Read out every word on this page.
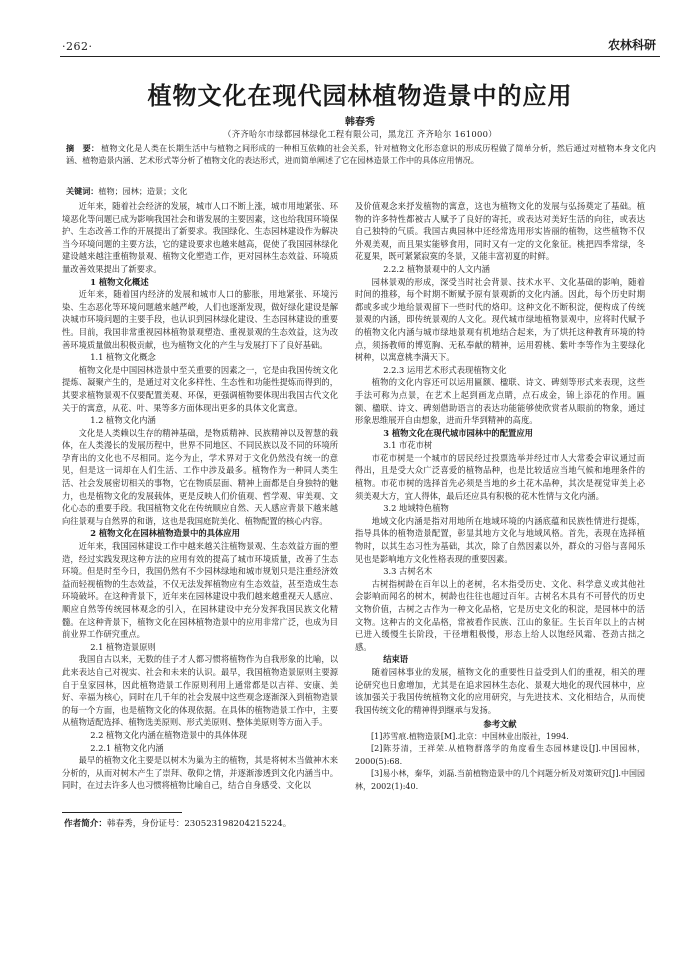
·262·	农林科研
植物文化在现代园林植物造景中的应用
韩春秀
（齐齐哈尔市绿都园林绿化工程有限公司，黑龙江 齐齐哈尔 161000）
摘　要： 植物文化是人类在长期生活中与植物之间形成的一种相互依赖的社会关系，针对植物文化形态意识的形成历程做了简单分析，然后通过对植物本身文化内涵、植物造景内涵、艺术形式等分析了植物文化的表达形式，进而简单阐述了它在园林造景工作中的具体应用情况。
关键词：植物；园林；造景；文化

近年来，随着社会经济的发展，城市人口不断上涨，城市用地紧张、环境恶化等问题已成为影响我国社会和谐发展的主要因素，这也给我国环境保护、生态改善工作的开展提出了新要求。我国绿化、生态园林建设作为解决当今环境问题的主要方法，它的建设要求也越来越高，促使了我国园林绿化建设越来越注重植物景观、植物文化塑造工作，更对园林生态效益、环境质量改善效果提出了新要求。

1 植物文化概述

近年来，随着国内经济的发展和城市人口的膨胀，用地紧张、环境污染、生态恶化等环境问题越来越严峻，人们也逐渐发现，做好绿化建设是解决城市环境问题的主要手段，也认识到园林绿化建设、生态园林建设的重要性。目前，我国非常重视园林植物景观塑造、重视景观的生态效益，这为改善环境质量做出积极贡献，也为植物文化的产生与发展打下了良好基础。

1.1 植物文化概念

植物文化是中国园林造景中至关重要的因素之一，它是由我国传统文化提炼、凝聚产生的，是通过对文化多样性、生态性和功能性提炼而得到的，其要求植物景观不仅要配置美观、环保，更强调植物要体现出我国古代文化关于的寓意，从花、叶、果等多方面体现出更多的具体文化寓意。

1.2 植物文化内涵

文化是人类赖以生存的精神基础，是物质精神、民族精神以及智慧的载体，在人类漫长的发展历程中，世界不同地区、不同民族以及不同的环境所孕育出的文化也不尽相同。迄今为止，学术界对于文化仍然没有统一的意见，但是这一词却在人们生活、工作中涉及最多。植物作为一种同人类生活、社会发展密切相关的事物，它在物质层面、精神上面都是自身独特的魅力，也是植物文化的发展载体，更是反映人们价值观、哲学观、审美观、文化心态的重要手段。我国植物文化在传统顺应自然、天人感应背景下越来越向往景观与自然界的和谐，这也是我国庭院美化、植物配置的核心内容。

2 植物文化在园林植物造景中的具体应用

近年来，我国园林建设工作中越来越关注植物景观、生态效益方面的塑造，经过实践发现这种方法的应用有效的提高了城市环境质量，改善了生态环境。但是时至今日，我国仍然有不少园林绿地和城市规划只是注重经济效益而轻视植物的生态效益，不仅无法发挥植物应有生态效益，甚至造成生态环境破坏。在这种背景下，近年来在园林建设中我们越来越重视天人感应、顺应自然等传统园林观念的引入，在园林建设中充分发挥我国民族文化精髓。在这种背景下，植物文化在园林植物造景中的应用非常广泛，也成为目前业界工作研究重点。

2.1 植物造景原则

我国自古以来，无数的佳子才人都习惯将植物作为自我形象的比喻，以此来表达自己对视实、社会和未来的认识。最早，我国植物造景原则主要源自于皇家园林，因此植物造景工作原则利用上通常都是以吉祥、安康、美好、幸福为核心，同时在几千年的社会发展中这些观念逐渐深入到植物造景的每一个方面，也是植物文化的体现依据。在具体的植物造景工作中，主要从植物适配选择、植物选美原则、形式美原则、整体美原则等方面入手。

2.2 植物文化内涵在植物造景中的具体体现

2.2.1 植物文化内涵

最早的植物文化主要是以树木为巢为主的植物，其是将树木当做神木来分析的，从而对树木产生了崇拜、敬仰之情，并逐渐渗透到文化内涵当中。同时，在过去许多人也习惯将植物比喻自己，结合自身感受、文化以

及价值观念来抒发植物的寓意，这也为植物文化的发展与弘扬奠定了基础。植物的许多特性都被古人赋予了良好的寄托，或表达对美好生活的向往，或表达自己独特的气质。我国古典园林中还经常选用形实皆丽的植物，这些植物不仅外观美观，而且果实能够食用，同时又有一定的文化象征。桃把四季常绿，冬花夏果，既可紧紧寂寞的冬景，又能丰富初夏的时鲜。

2.2.2 植物景观中的人文内涵

园林景观的形成，深受当时社会背景、技术水平、文化基础的影响，随着时间的推移，每个时期不断赋予原有景观新的文化内涵。因此，每个历史时期都或多或少地给景观留下一些时代的烙印。这种文化不断积淀，便构成了传统景观的内涵，即传统景观的人文化。现代城市绿地植物景观中，应将时代赋予的植物文化内涵与城市绿地景观有机地结合起来，为了烘托这种教育环境的特点，须扬教师的博览胸、无私奉献的精神，运用碧桃、紫叶李等作为主要绿化树种，以寓意桃李满天下。

2.2.3 运用艺术形式表现植物文化

植物的文化内容还可以运用匾额、楹联、诗文、碑刻等形式来表现，这些手法可称为点景，在艺术上起到画龙点睛，点石成金，锦上添花的作用。匾额、楹联、诗文、碑刻借助语言的表达功能能够使欣赏者从眼前的物象，通过形象思维展开自由想象，进而升华到精神的高度。

3 植物文化在现代城市园林中的配置应用

3.1 市花市树

市花市树是一个城市的居民经过投票选举并经过市人大常委会审议通过而得出，且是受大众广泛喜爱的植物品种，也是比较适应当地气候和地理条件的植物。市花市树的选择首先必须是当地的乡土花木品种，其次是视觉审美上必须美观大方，宜人得体，最后还应具有积极的花木性情与文化内涵。

3.2 地域特色植物

地域文化内涵是指对用地所在地域环境的内涵底蕴和民族性情进行提炼，指导具体的植物造景配置，彰显其地方文化与地域风格。首先，表现在选择植物时，以其生态习性为基础，其次，除了自然因素以外，群众的习俗与喜闻乐见也是影响地方文化性格表现的重要因素。

3.3 古树名木

古树指树龄在百年以上的老树，名木指受历史、文化、科学意义或其他社会影响而闻名的树木，树龄也往往也超过百年。古树名木具有不可替代的历史文物价值，古树之古作为一种文化品格，它是历史文化的积淀，是园林中的活文物。这种古的文化品格，常被看作民族、江山的象征。生长百年以上的古树已进入缓慢生长阶段，干径增粗极慢，形态上给人以饱经风霜、苍劲古拙之感。

结束语

随着园林事业的发展，植物文化的重要性日益受到人们的重视，相关的理论研究也日愈增加，尤其是在追求园林生态化、景观大地化的现代园林中，应该加强关于我国传统植物文化的应用研究，与先进技术、文化相结合，从而使我国传统文化的精神得到继承与发扬。

参考文献

[1]苏雪痕.植物造景[M].北京：中国林业出版社，1994.

[2]陈芬清，王祥荣.从植物群落学的角度看生态园林建设[J].中国园林，2000(5):68.

[3]易小林，秦华，刘磊.当前植物造景中的几个问题分析及对策研究[J].中国园林，2002(1):40.

作者简介：韩春秀，身份证号：230523198204215224。
